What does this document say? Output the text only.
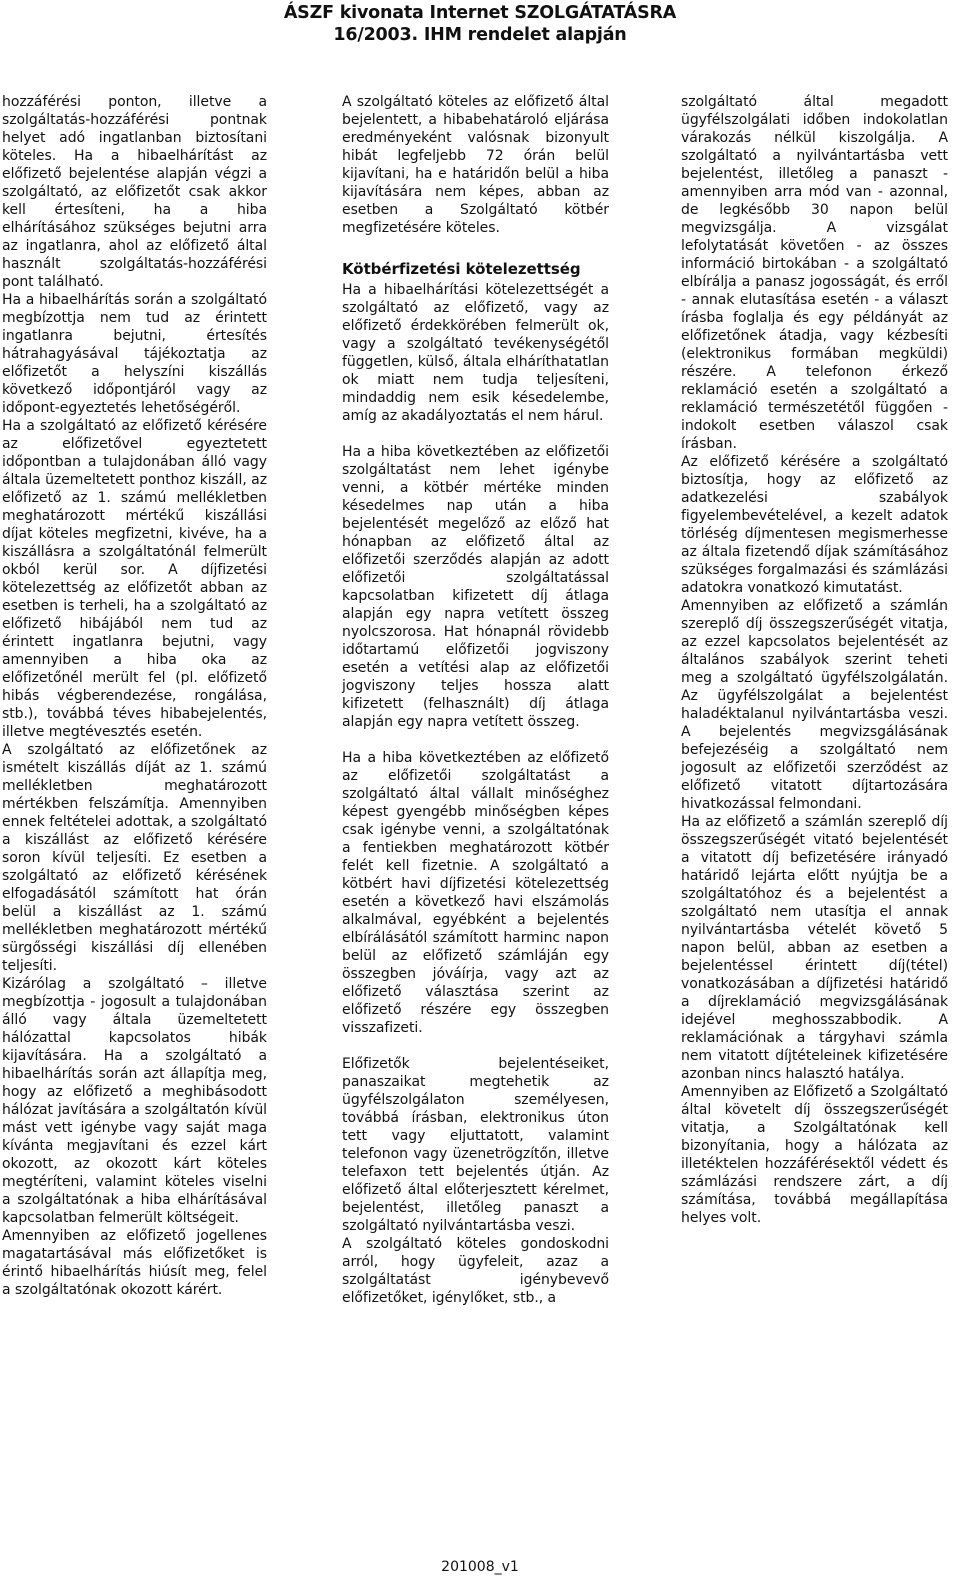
ÁSZF kivonata Internet SZOLGÁTATÁSRA
16/2003. IHM rendelet alapján

hozzáférési ponton, illetve a szolgáltatás-hozzáférési pontnak helyet adó ingatlanban biztosítani köteles. Ha a hibaelhárítást az előfizető bejelentése alapján végzi a szolgáltató, az előfizetőt csak akkor kell értesíteni, ha a hiba elhárításához szükséges bejutni arra az ingatlanra, ahol az előfizető által használt szolgáltatás-hozzáférési pont található.

Ha a hibaelhárítás során a szolgáltató megbízottja nem tud az érintett ingatlanra bejutni, értesítés hátrahagyásával tájékoztatja az előfizetőt a helyszíni kiszállás következő időpontjáról vagy az időpont-egyeztetés lehetőségéről.

Ha a szolgáltató az előfizető kérésére az előfizetővel egyeztetett időpontban a tulajdonában álló vagy általa üzemeltetett ponthoz kiszáll, az előfizető az 1. számú mellékletben meghatározott mértékű kiszállási díjat köteles megfizetni, kivéve, ha a kiszállásra a szolgáltatónál felmerült okból kerül sor. A díjfizetési kötelezettség az előfizetőt abban az esetben is terheli, ha a szolgáltató az előfizető hibájából nem tud az érintett ingatlanra bejutni, vagy amennyiben a hiba oka az előfizetőnél merült fel (pl. előfizető hibás végberendezése, rongálása, stb.), továbbá téves hibabejelentés, illetve megtévesztés esetén.

A szolgáltató az előfizetőnek az ismételt kiszállás díját az 1. számú mellékletben meghatározott mértékben felszámítja. Amennyiben ennek feltételei adottak, a szolgáltató a kiszállást az előfizető kérésére soron kívül teljesíti. Ez esetben a szolgáltató az előfizető kérésének elfogadásától számított hat órán belül a kiszállást az 1. számú mellékletben meghatározott mértékű sürgősségi kiszállási díj ellenében teljesíti.

Kizárólag a szolgáltató – illetve megbízottja - jogosult a tulajdonában álló vagy általa üzemeltetett hálózattal kapcsolatos hibák kijavítására. Ha a szolgáltató a hibaelhárítás során azt állapítja meg, hogy az előfizető a meghibásodott hálózat javítására a szolgáltatón kívül mást vett igénybe vagy saját maga kívánta megjavítani és ezzel kárt okozott, az okozott kárt köteles megtéríteni, valamint köteles viselni a szolgáltatónak a hiba elhárításával kapcsolatban felmerült költségeit.

Amennyiben az előfizető jogellenes magatartásával más előfizetőket is érintő hibaelhárítás hiúsít meg, felel a szolgáltatónak okozott kárért.

A szolgáltató köteles az előfizető által bejelentett, a hibabehatároló eljárása eredményeként valósnak bizonyult hibát legfeljebb 72 órán belül kijavítani, ha e határidőn belül a hiba kijavítására nem képes, abban az esetben a Szolgáltató kötbér megfizetésére köteles.

Kötbérfizetési kötelezettség

Ha a hibaelhárítási kötelezettségét a szolgáltató az előfizető, vagy az előfizető érdekkörében felmerült ok, vagy a szolgáltató tevékenységétől független, külső, általa elháríthatatlan ok miatt nem tudja teljesíteni, mindaddig nem esik késedelembe, amíg az akadályoztatás el nem hárul.

Ha a hiba következtében az előfizetői szolgáltatást nem lehet igénybe venni, a kötbér mértéke minden késedelmes nap után a hiba bejelentését megelőző az előző hat hónapban az előfizető által az előfizetői szerződés alapján az adott előfizetői szolgáltatással kapcsolatban kifizetett díj átlaga alapján egy napra vetített összeg nyolcszorosa. Hat hónapnál rövidebb időtartamú előfizetői jogviszony esetén a vetítési alap az előfizetői jogviszony teljes hossza alatt kifizetett (felhasznált) díj átlaga alapján egy napra vetített összeg.

Ha a hiba következtében az előfizető az előfizetői szolgáltatást a szolgáltató által vállalt minőséghez képest gyengébb minőségben képes csak igénybe venni, a szolgáltatónak a fentiekben meghatározott kötbér felét kell fizetnie. A szolgáltató a kötbért havi díjfizetési kötelezettség esetén a következő havi elszámolás alkalmával, egyébként a bejelentés elbírálásától számított harminc napon belül az előfizető számláján egy összegben jóváírja, vagy azt az előfizető választása szerint az előfizető részére egy összegben visszafizeti.

Előfizetők bejelentéseiket, panaszaikat megtehetik az ügyfélszolgálaton személyesen, továbbá írásban, elektronikus úton tett vagy eljuttatott, valamint telefonon vagy üzenetrögzítőn, illetve telefaxon tett bejelentés útján. Az előfizető által előterjesztett kérelmet, bejelentést, illetőleg panaszt a szolgáltató nyilvántartásba veszi.

A szolgáltató köteles gondoskodni arról, hogy ügyfeleit, azaz a szolgáltatást igénybevevő előfizetőket, igénylőket, stb., a

szolgáltató által megadott ügyfélszolgálati időben indokolatlan várakozás nélkül kiszolgálja. A szolgáltató a nyilvántartásba vett bejelentést, illetőleg a panaszt - amennyiben arra mód van - azonnal, de legkésőbb 30 napon belül megvizsgálja. A vizsgálat lefolytatását követően - az összes információ birtokában - a szolgáltató elbírálja a panasz jogosságát, és erről - annak elutasítása esetén - a választ írásba foglalja és egy példányát az előfizetőnek átadja, vagy kézbesíti (elektronikus formában megküldi) részére. A telefonon érkező reklamáció esetén a szolgáltató a reklamáció természetétől függően - indokolt esetben válaszol csak írásban.

Az előfizető kérésére a szolgáltató biztosítja, hogy az előfizető az adatkezelési szabályok figyelembevételével, a kezelt adatok törléség díjmentesen megismerhesse az általa fizetendő díjak számításához szükséges forgalmazási és számlázási adatokra vonatkozó kimutatást.

Amennyiben az előfizető a számlán szereplő díj összegszerűségét vitatja, az ezzel kapcsolatos bejelentését az általános szabályok szerint teheti meg a szolgáltató ügyfélszolgálatán. Az ügyfélszolgálat a bejelentést haladéktalanul nyilvántartásba veszi. A bejelentés megvizsgálásának befejezéséig a szolgáltató nem jogosult az előfizetői szerződést az előfizető vitatott díjtartozására hivatkozással felmondani.

Ha az előfizető a számlán szereplő díj összegszerűségét vitató bejelentését a vitatott díj befizetésére irányadó határidő lejárta előtt nyújtja be a szolgáltatóhoz és a bejelentést a szolgáltató nem utasítja el annak nyilvántartásba vételét követő 5 napon belül, abban az esetben a bejelentéssel érintett díj(tétel) vonatkozásában a díjfizetési határidő a díjreklamáció megvizsgálásának idejével meghosszabbodik. A reklamációnak a tárgyhavi számla nem vitatott díjtételeinek kifizetésére azonban nincs halasztó hatálya.

Amennyiben az Előfizető a Szolgáltató által követelt díj összegszerűségét vitatja, a Szolgáltatónak kell bizonyítania, hogy a hálózata az illetéktelen hozzáférésektől védett és számlázási rendszere zárt, a díj számítása, továbbá megállapítása helyes volt.

201008_v1
